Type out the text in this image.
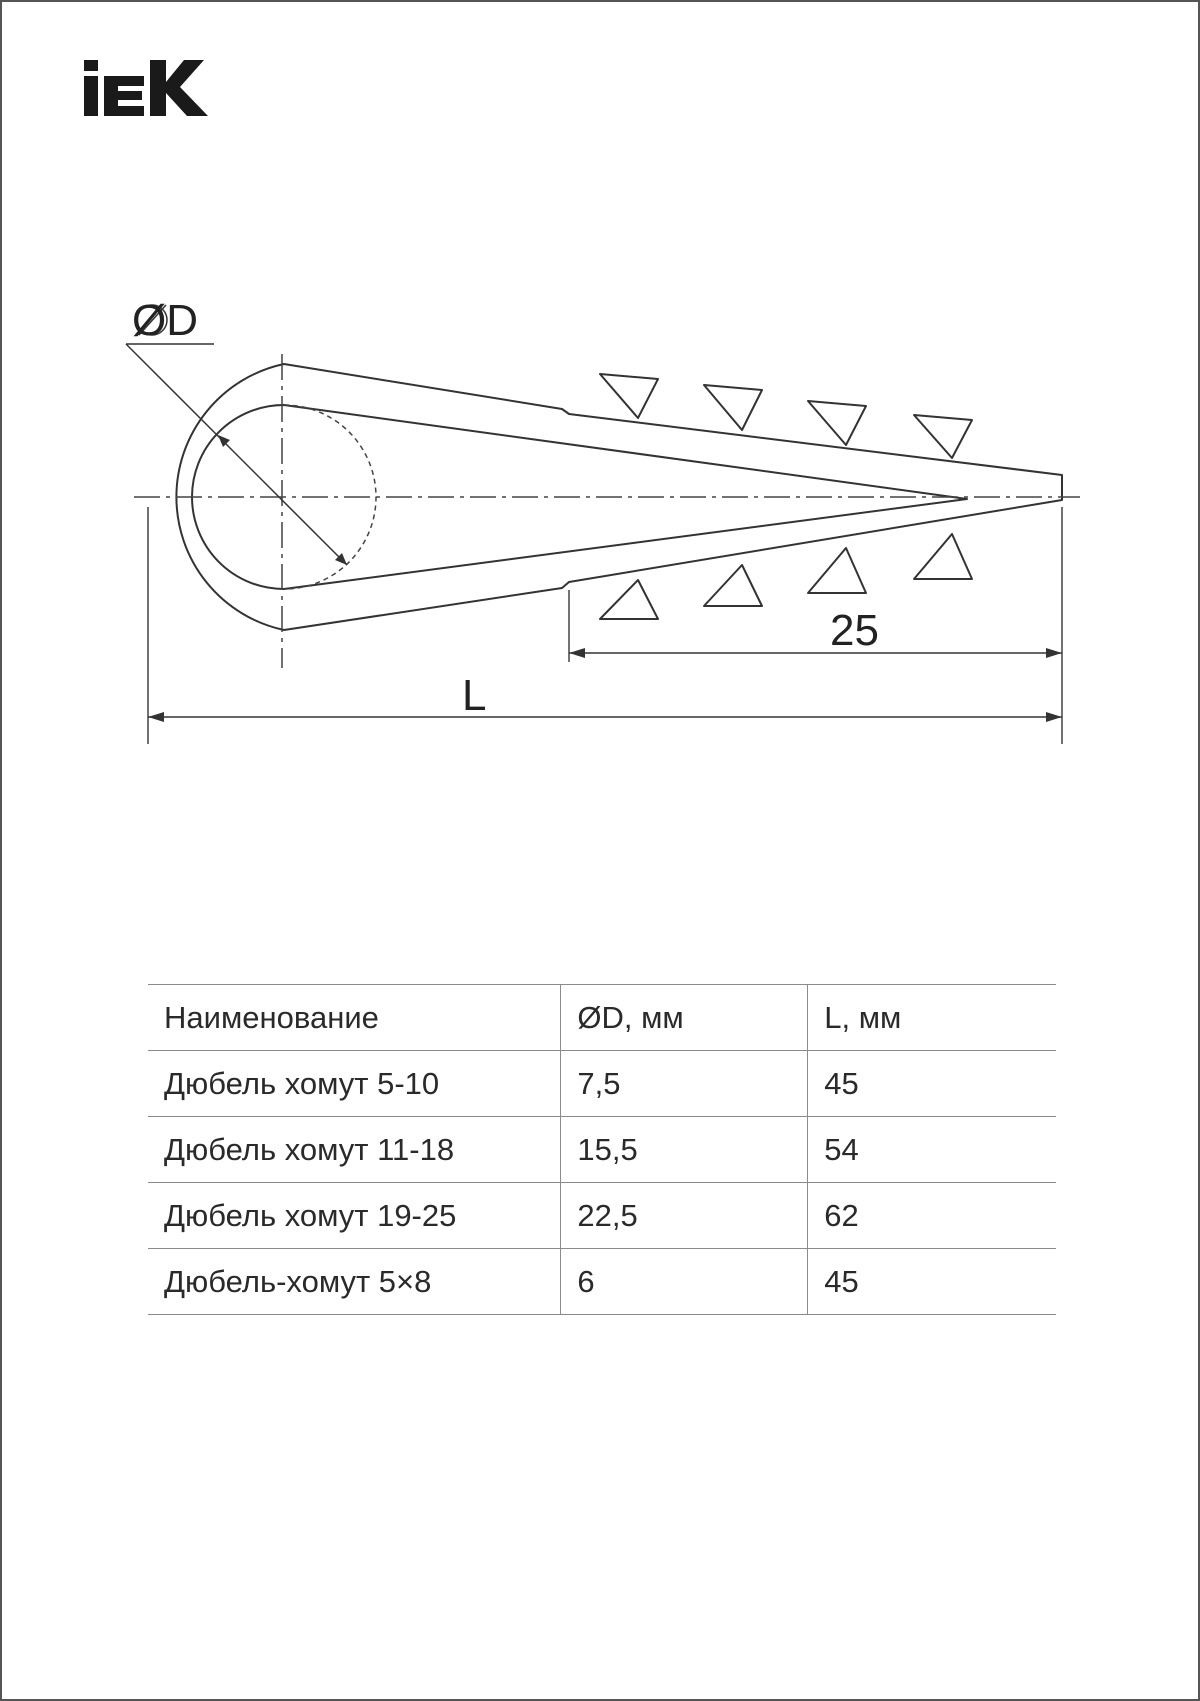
ØD
25
L
Наименование	ØD, мм	L, мм
Дюбель хомут 5-10	7,5	45
Дюбель хомут 11-18	15,5	54
Дюбель хомут 19-25	22,5	62
Дюбель-хомут 5×8	6	45
